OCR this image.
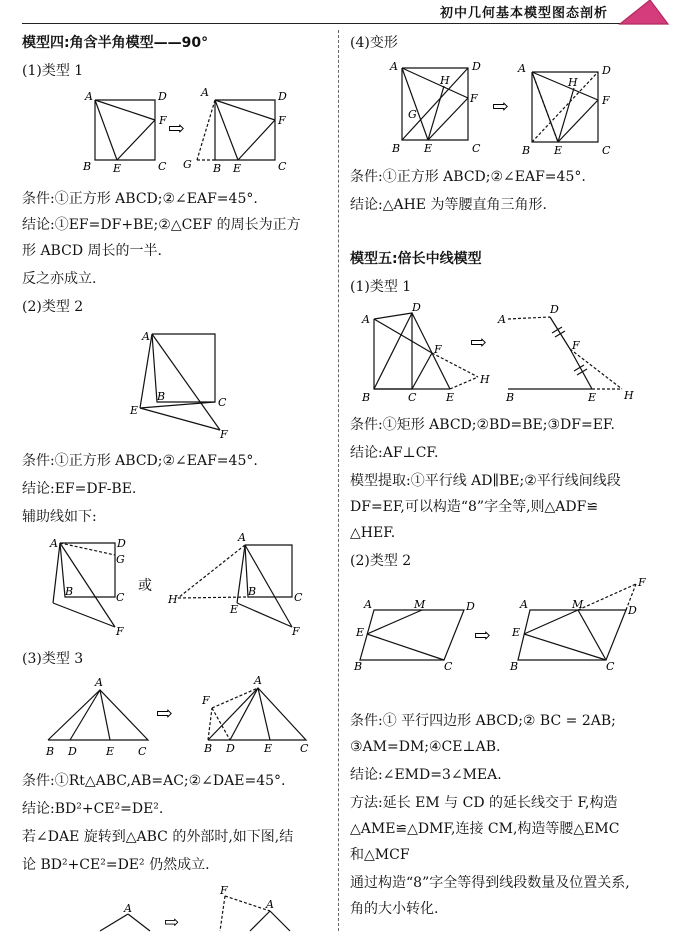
初中几何基本模型图态剖析
模型四:角含半角模型——90°
(1)类型 1
A	D
F
B E	C
⇨
A	D
F
G B E	C
条件:①正方形 ABCD;②∠EAF=45°.
结论:①EF=DF+BE;②△CEF 的周长为正方
形 ABCD 周长的一半.
反之亦成立.
(2)类型 2
A
B
E
C
F
条件:①正方形 ABCD;②∠EAF=45°.
结论:EF=DF-BE.
辅助线如下:
A	D
G
B	C
F
或
A
H
B
E
C
F
(3)类型 3
A
B D	E C
⇨
A
F
B D	E	C
条件:①Rt△ABC,AB=AC;②∠DAE=45°.
结论:BD²+CE²=DE².
若∠DAE 旋转到△ABC 的外部时,如下图,结
论 BD²+CE²=DE² 仍然成立.
A
⇨
F
A
(4)变形
A	D
H
F
G
B E	C
⇨
A	D
H
F
B E	C
条件:①正方形 ABCD;②∠EAF=45°.
结论:△AHE 为等腰直角三角形.
模型五:倍长中线模型
(1)类型 1
A
D
F
H
B	C	E
⇨
A
D
F
H
B	E
条件:①矩形 ABCD;②BD=BE;③DF=EF.
结论:AF⊥CF.
模型提取:①平行线 AD∥BE;②平行线间线段
DF=EF,可以构造“8”字全等,则△ADF≌
△HEF.
(2)类型 2
A	M	D
E
B	C
⇨
A	M	D
F
E
B	C
条件:① 平行四边形 ABCD;② BC = 2AB;
③AM=DM;④CE⊥AB.
结论:∠EMD=3∠MEA.
方法:延长 EM 与 CD 的延长线交于 F,构造
△AME≌△DMF,连接 CM,构造等腰△EMC
和△MCF
通过构造“8”字全等得到线段数量及位置关系,
角的大小转化.
